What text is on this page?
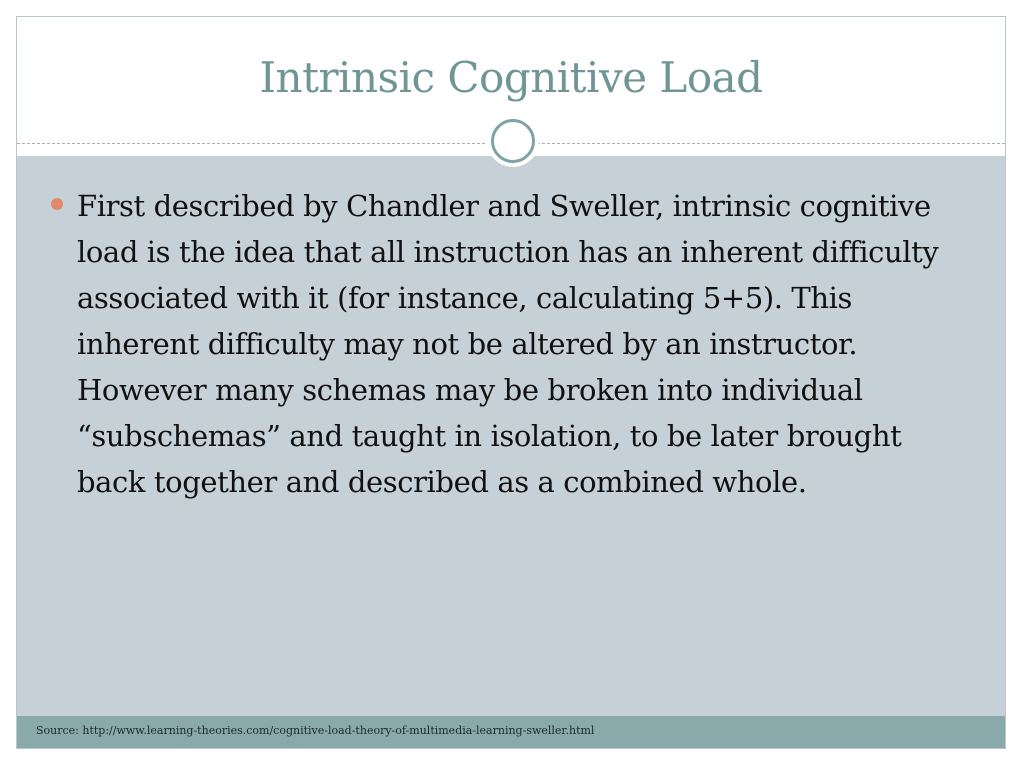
Intrinsic Cognitive Load
First described by Chandler and Sweller, intrinsic cognitive load is the idea that all instruction has an inherent difficulty associated with it (for instance, calculating 5+5). This inherent difficulty may not be altered by an instructor. However many schemas may be broken into individual “subschemas” and taught in isolation, to be later brought back together and described as a combined whole.
Source: http://www.learning-theories.com/cognitive-load-theory-of-multimedia-learning-sweller.html
